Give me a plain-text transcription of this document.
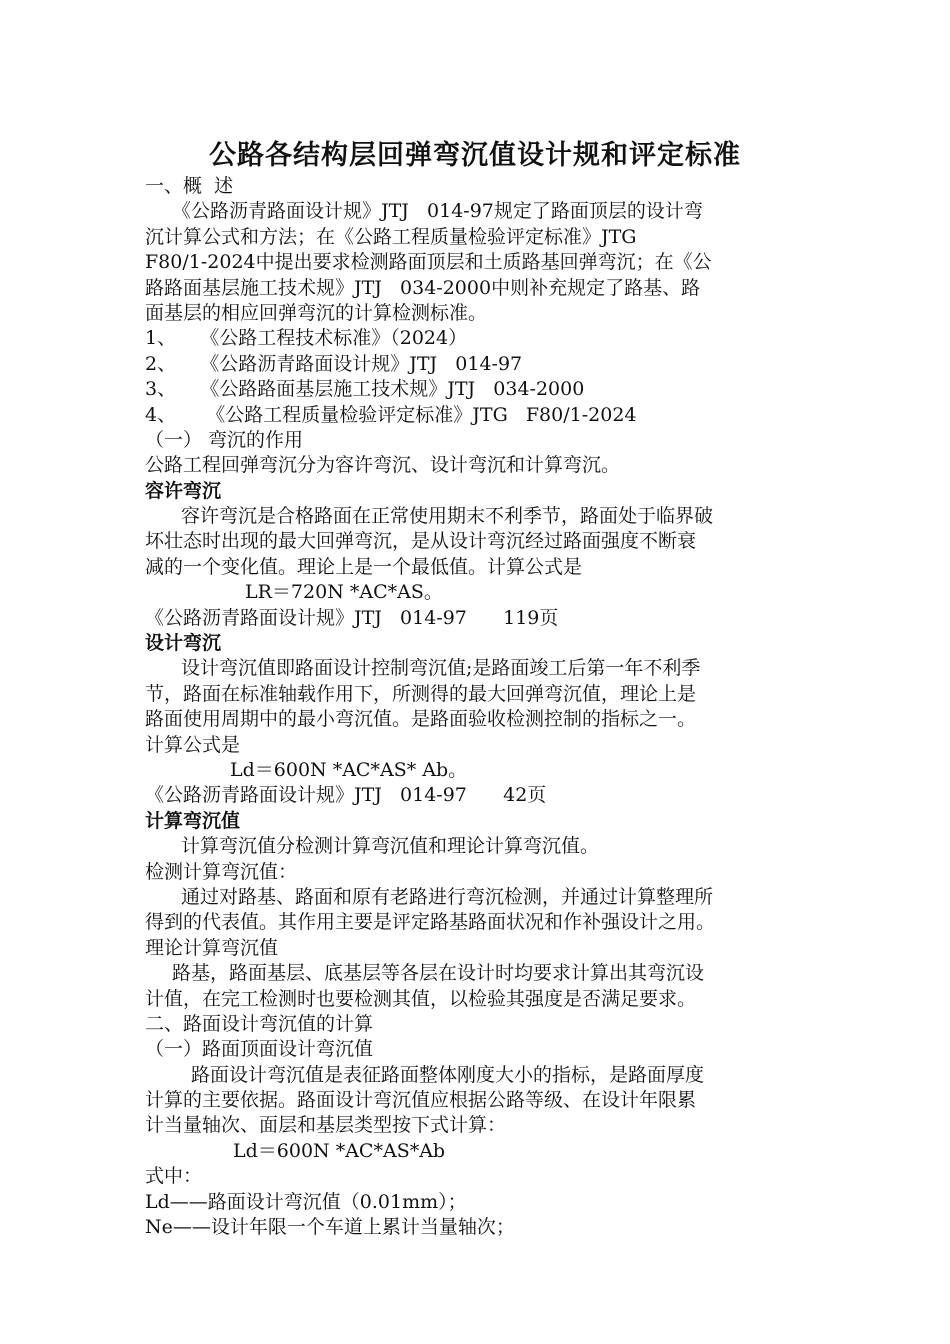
公路各结构层回弹弯沉值设计规和评定标准
一、概  述
《公路沥青路面设计规》JTJ   014-97规定了路面顶层的设计弯
沉计算公式和方法；在《公路工程质量检验评定标准》JTG
F80/1-2024中提出要求检测路面顶层和土质路基回弹弯沉；在《公
路路面基层施工技术规》JTJ   034-2000中则补充规定了路基、路
面基层的相应回弹弯沉的计算检测标准。
1、    《公路工程技术标准》（2024）
2、    《公路沥青路面设计规》JTJ   014-97
3、    《公路路面基层施工技术规》JTJ   034-2000
4、     《公路工程质量检验评定标准》JTG   F80/1-2024
（一） 弯沉的作用
公路工程回弹弯沉分为容许弯沉、设计弯沉和计算弯沉。
容许弯沉
容许弯沉是合格路面在正常使用期末不利季节，路面处于临界破
坏壮态时出现的最大回弹弯沉，是从设计弯沉经过路面强度不断衰
减的一个变化值。理论上是一个最低值。计算公式是
LR＝720N *AC*AS。
《公路沥青路面设计规》JTJ   014-97      119页
设计弯沉
设计弯沉值即路面设计控制弯沉值;是路面竣工后第一年不利季
节，路面在标准轴载作用下，所测得的最大回弹弯沉值，理论上是
路面使用周期中的最小弯沉值。是路面验收检测控制的指标之一。
计算公式是
Ld＝600N *AC*AS* Ab。
《公路沥青路面设计规》JTJ   014-97      42页
计算弯沉值
计算弯沉值分检测计算弯沉值和理论计算弯沉值。
检测计算弯沉值：
通过对路基、路面和原有老路进行弯沉检测，并通过计算整理所
得到的代表值。其作用主要是评定路基路面状况和作补强设计之用。
理论计算弯沉值
路基，路面基层、底基层等各层在设计时均要求计算出其弯沉设
计值，在完工检测时也要检测其值，以检验其强度是否满足要求。
二、路面设计弯沉值的计算
（一）路面顶面设计弯沉值
路面设计弯沉值是表征路面整体刚度大小的指标，是路面厚度
计算的主要依据。路面设计弯沉值应根据公路等级、在设计年限累
计当量轴次、面层和基层类型按下式计算：
Ld＝600N *AC*AS*Ab
式中：
Ld——路面设计弯沉值（0.01mm）；
Ne——设计年限一个车道上累计当量轴次；
